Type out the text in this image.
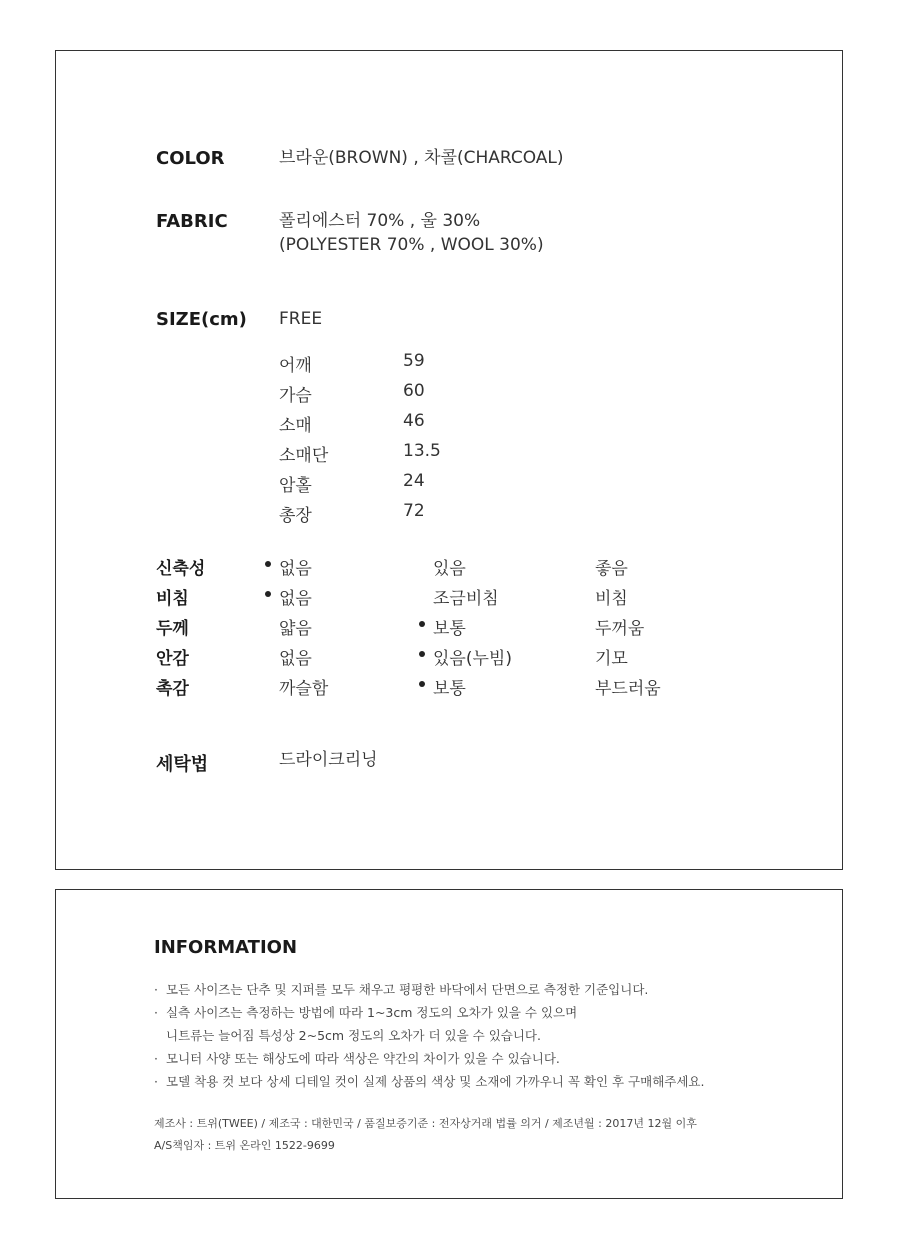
COLOR	브라운(BROWN) , 차콜(CHARCOAL)
FABRIC	폴리에스터 70% , 울 30%
(POLYESTER 70% , WOOL 30%)
SIZE(cm) FREE
어깨	59
가슴	60
소매	46
소매단	13.5
암홀	24
총장	72
신축성	없음	있음	좋음
비침	없음	조금비침	비침
두께	얇음	보통	두꺼움
안감	없음	있음(누빔)	기모
촉감	까슬함	보통	부드러움
세탁법	드라이크리닝
INFORMATION
· 모든 사이즈는 단추 및 지퍼를 모두 채우고 평평한 바닥에서 단면으로 측정한 기준입니다.
· 실측 사이즈는 측정하는 방법에 따라 1~3cm 정도의 오차가 있을 수 있으며
니트류는 늘어짐 특성상 2~5cm 정도의 오차가 더 있을 수 있습니다.
· 모니터 사양 또는 해상도에 따라 색상은 약간의 차이가 있을 수 있습니다.
· 모델 착용 컷 보다 상세 디테일 컷이 실제 상품의 색상 및 소재에 가까우니 꼭 확인 후 구매해주세요.
제조사 : 트위(TWEE) / 제조국 : 대한민국 / 품질보증기준 : 전자상거래 법률 의거 / 제조년월 : 2017년 12월 이후
A/S책임자 : 트위 온라인 1522-9699
